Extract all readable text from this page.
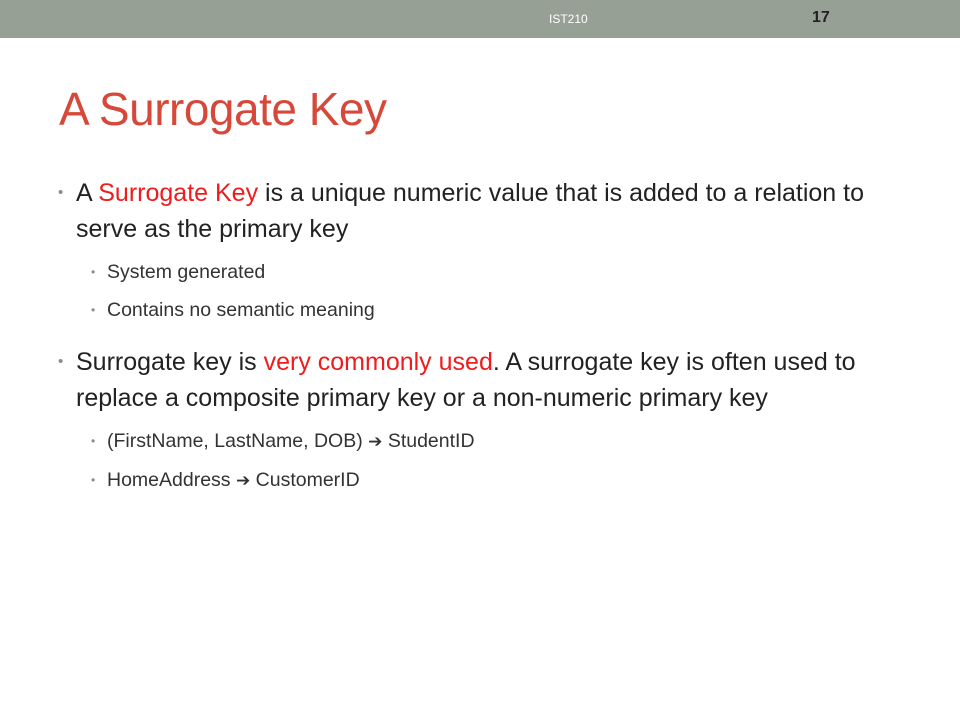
IST210	17
A Surrogate Key
• A Surrogate Key is a unique numeric value that is added to a relation to serve as the primary key
• System generated
• Contains no semantic meaning
• Surrogate key is very commonly used. A surrogate key is often used to replace a composite primary key or a non-numeric primary key
• (FirstName, LastName, DOB) ➔ StudentID
• HomeAddress ➔ CustomerID
